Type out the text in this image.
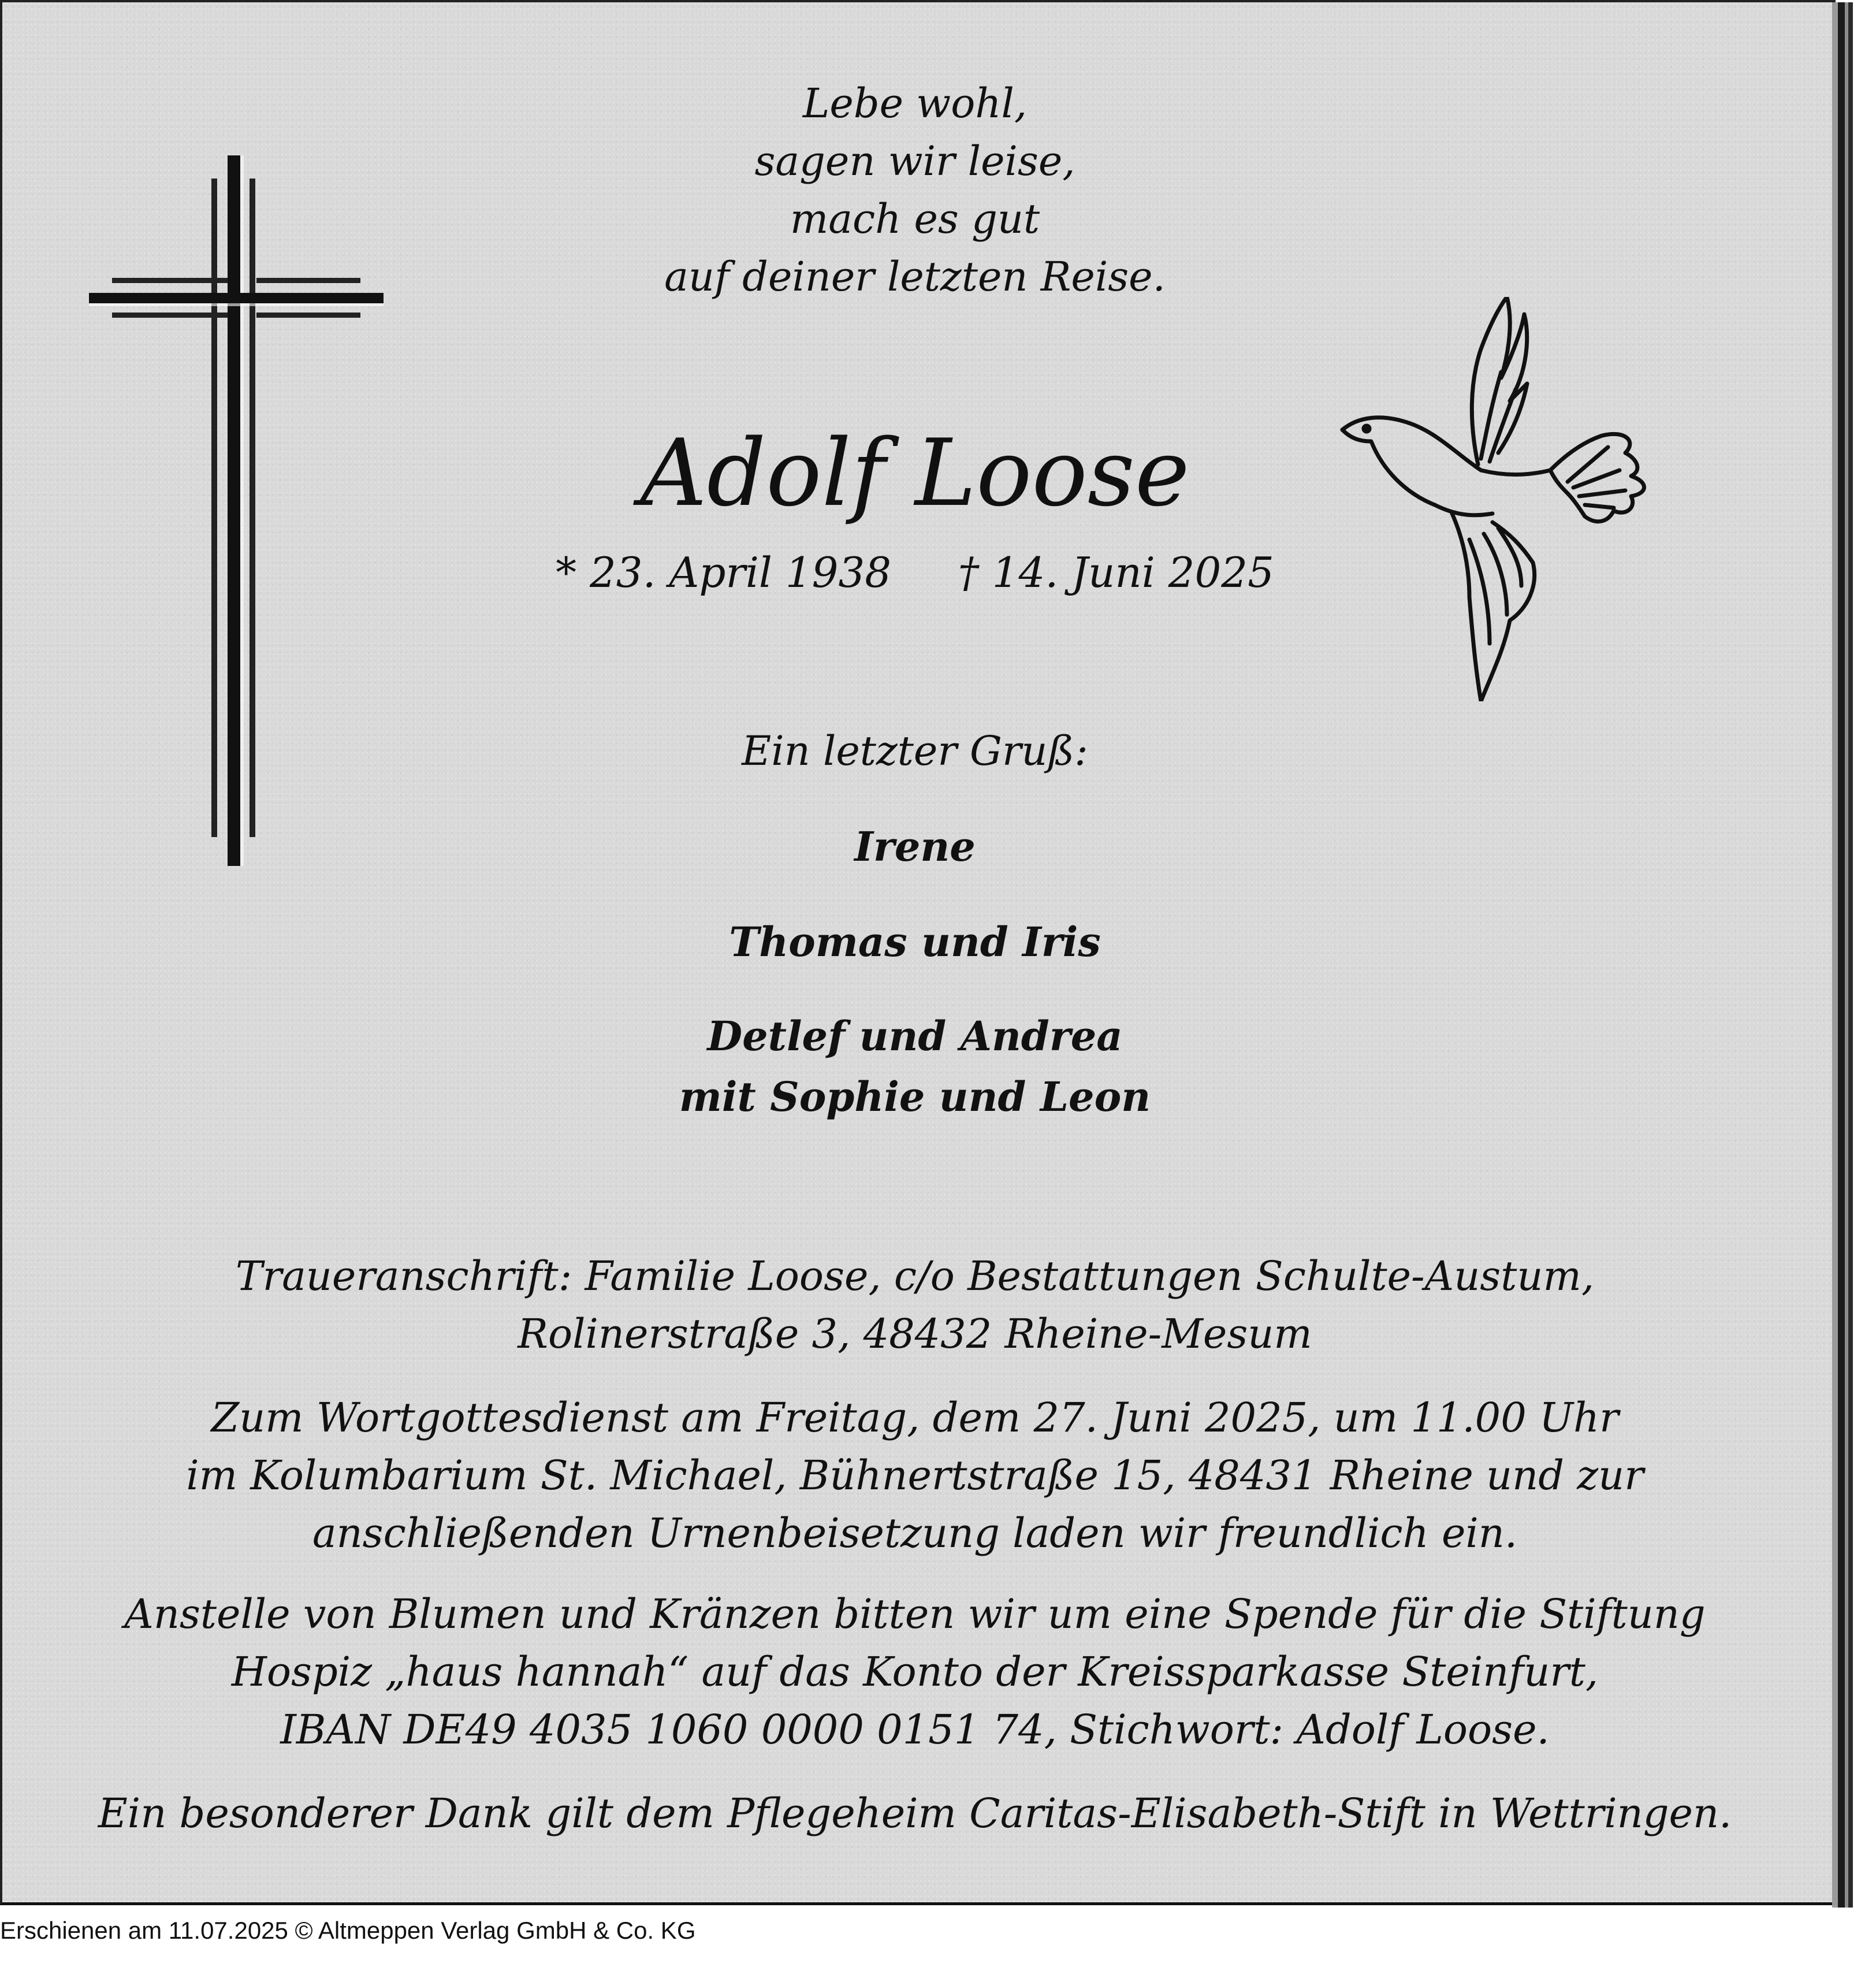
Lebe wohl,
sagen wir leise,
mach es gut
auf deiner letzten Reise.
Adolf Loose
* 23. April 1938 † 14. Juni 2025
Ein letzter Gruß:
Irene
Thomas und Iris
Detlef und Andrea
mit Sophie und Leon
Traueranschrift: Familie Loose, c/o Bestattungen Schulte-Austum,
Rolinerstraße 3, 48432 Rheine-Mesum
Zum Wortgottesdienst am Freitag, dem 27. Juni 2025, um 11.00 Uhr
im Kolumbarium St. Michael, Bühnertstraße 15, 48431 Rheine und zur
anschließenden Urnenbeisetzung laden wir freundlich ein.
Anstelle von Blumen und Kränzen bitten wir um eine Spende für die Stiftung
Hospiz „haus hannah“ auf das Konto der Kreissparkasse Steinfurt,
IBAN DE49 4035 1060 0000 0151 74, Stichwort: Adolf Loose.
Ein besonderer Dank gilt dem Pflegeheim Caritas-Elisabeth-Stift in Wettringen.
Erschienen am 11.07.2025 © Altmeppen Verlag GmbH & Co. KG
